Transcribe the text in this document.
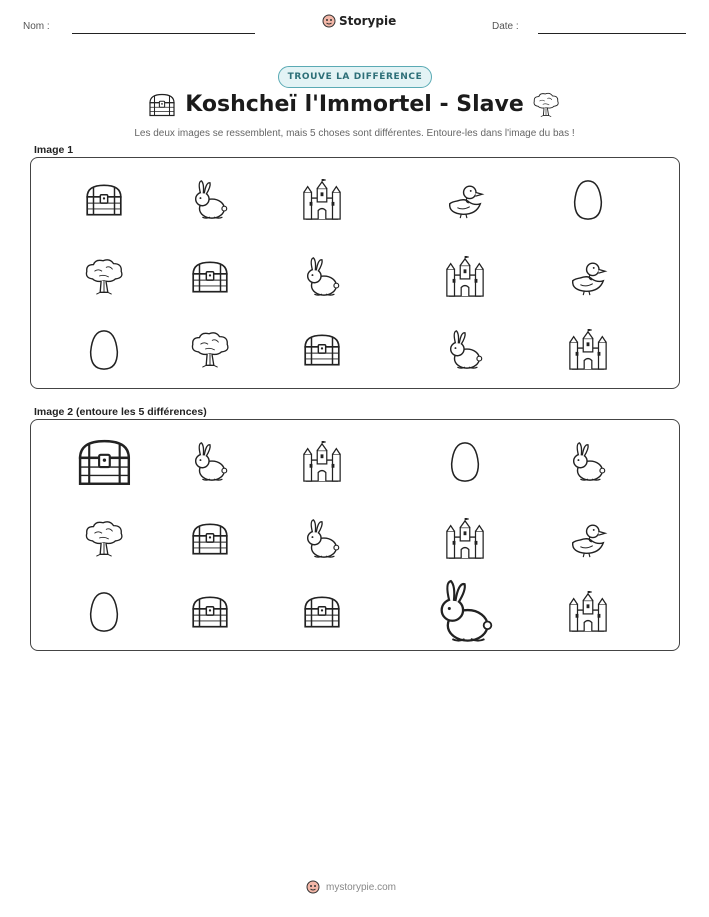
Nom :	Storypie	Date :
TROUVE LA DIFFÉRENCE
Koshcheï l'Immortel - Slave
Les deux images se ressemblent, mais 5 choses sont différentes. Entoure-les dans l'image du bas !
Image 1
Image 2 (entoure les 5 différences)
mystorypie.com
